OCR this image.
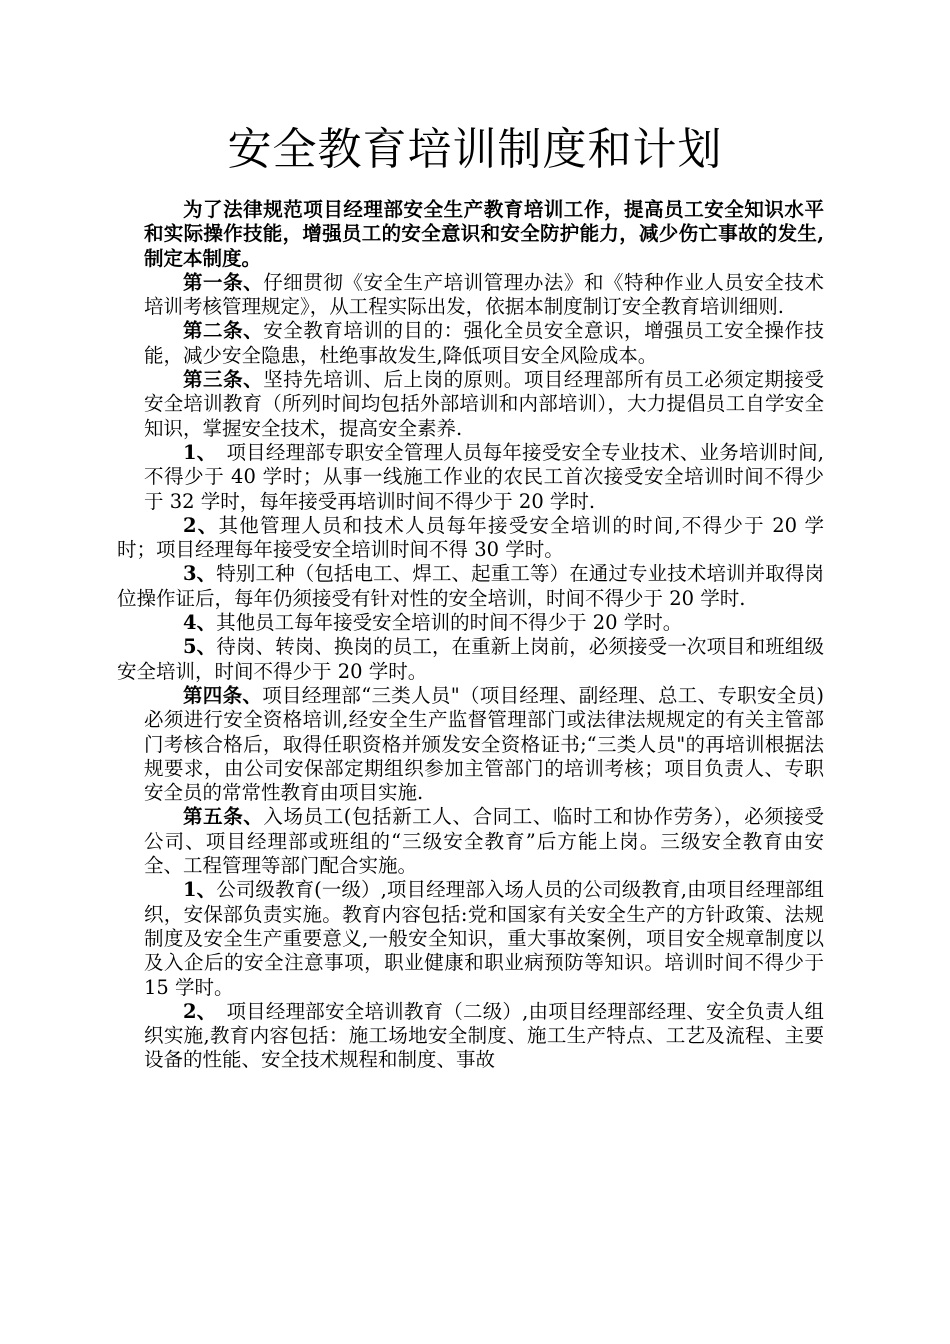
安全教育培训制度和计划

为了法律规范项目经理部安全生产教育培训工作，提高员工安全知识水平和实际操作技能，增强员工的安全意识和安全防护能力，减少伤亡事故的发生,制定本制度。

第一条、仔细贯彻《安全生产培训管理办法》和《特种作业人员安全技术培训考核管理规定》，从工程实际出发，依据本制度制订安全教育培训细则.

第二条、安全教育培训的目的：强化全员安全意识，增强员工安全操作技能，减少安全隐患，杜绝事故发生,降低项目安全风险成本。

第三条、坚持先培训、后上岗的原则。项目经理部所有员工必须定期接受安全培训教育（所列时间均包括外部培训和内部培训），大力提倡员工自学安全知识，掌握安全技术，提高安全素养.

1、　项目经理部专职安全管理人员每年接受安全专业技术、业务培训时间,不得少于 40 学时；从事一线施工作业的农民工首次接受安全培训时间不得少于 32 学时，每年接受再培训时间不得少于 20 学时.

2、其他管理人员和技术人员每年接受安全培训的时间,不得少于 20 学时；项目经理每年接受安全培训时间不得 30 学时。

3、特别工种（包括电工、焊工、起重工等）在通过专业技术培训并取得岗位操作证后，每年仍须接受有针对性的安全培训，时间不得少于 20 学时.

4、其他员工每年接受安全培训的时间不得少于 20 学时。

5、待岗、转岗、换岗的员工，在重新上岗前，必须接受一次项目和班组级安全培训，时间不得少于 20 学时。

第四条、项目经理部“三类人员"（项目经理、副经理、总工、专职安全员)必须进行安全资格培训,经安全生产监督管理部门或法律法规规定的有关主管部门考核合格后，取得任职资格并颁发安全资格证书;“三类人员"的再培训根据法规要求，由公司安保部定期组织参加主管部门的培训考核；项目负责人、专职安全员的常常性教育由项目实施.

第五条、入场员工(包括新工人、合同工、临时工和协作劳务），必须接受公司、项目经理部或班组的“三级安全教育”后方能上岗。三级安全教育由安全、工程管理等部门配合实施。

1、公司级教育(一级）,项目经理部入场人员的公司级教育,由项目经理部组织，安保部负责实施。教育内容包括:党和国家有关安全生产的方针政策、法规制度及安全生产重要意义,一般安全知识，重大事故案例，项目安全规章制度以及入企后的安全注意事项，职业健康和职业病预防等知识。培训时间不得少于 15 学时。

2、　项目经理部安全培训教育（二级）,由项目经理部经理、安全负责人组织实施,教育内容包括：施工场地安全制度、施工生产特点、工艺及流程、主要设备的性能、安全技术规程和制度、事故
